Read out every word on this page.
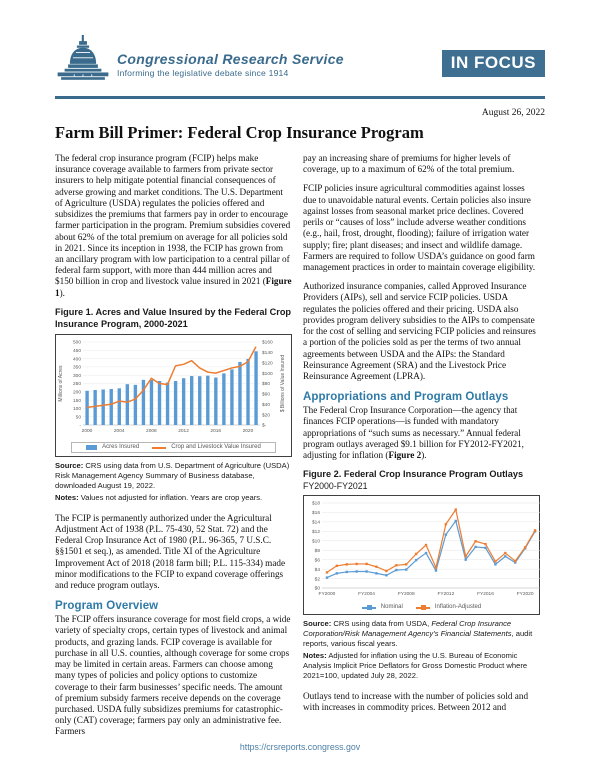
Congressional Research Service
Informing the legislative debate since 1914
IN FOCUS
August 26, 2022
Farm Bill Primer: Federal Crop Insurance Program

The federal crop insurance program (FCIP) helps make insurance coverage available to farmers from private sector insurers to help mitigate potential financial consequences of adverse growing and market conditions. The U.S. Department of Agriculture (USDA) regulates the policies offered and subsidizes the premiums that farmers pay in order to encourage farmer participation in the program. Premium subsidies covered about 62% of the total premium on average for all policies sold in 2021. Since its inception in 1938, the FCIP has grown from an ancillary program with low participation to a central pillar of federal farm support, with more than 444 million acres and $150 billion in crop and livestock value insured in 2021 (Figure 1).

Figure 1. Acres and Value Insured by the Federal Crop Insurance Program, 2000-2021
-
50
100
150
200
250
300
350
400
450
500
$-
$20
$40
$60
$80
$100
$120
$140
$160
2000	2004	2008	2012	2016	2020
Millions of Acres	$ Billions of Value Insured
Acres Insured	Crop and Livestock Value Insured
Source: CRS using data from U.S. Department of Agriculture (USDA) Risk Management Agency Summary of Business database, downloaded August 19, 2022.
Notes: Values not adjusted for inflation. Years are crop years.

The FCIP is permanently authorized under the Agricultural Adjustment Act of 1938 (P.L. 75-430, 52 Stat. 72) and the Federal Crop Insurance Act of 1980 (P.L. 96-365, 7 U.S.C. §§1501 et seq.), as amended. Title XI of the Agriculture Improvement Act of 2018 (2018 farm bill; P.L. 115-334) made minor modifications to the FCIP to expand coverage offerings and reduce program outlays.

Program Overview

The FCIP offers insurance coverage for most field crops, a wide variety of specialty crops, certain types of livestock and animal products, and grazing lands. FCIP coverage is available for purchase in all U.S. counties, although coverage for some crops may be limited in certain areas. Farmers can choose among many types of policies and policy options to customize coverage to their farm businesses’ specific needs. The amount of premium subsidy farmers receive depends on the coverage purchased. USDA fully subsidizes premiums for catastrophic-only (CAT) coverage; farmers pay only an administrative fee. Farmers

pay an increasing share of premiums for higher levels of coverage, up to a maximum of 62% of the total premium.

FCIP policies insure agricultural commodities against losses due to unavoidable natural events. Certain policies also insure against losses from seasonal market price declines. Covered perils or “causes of loss” include adverse weather conditions (e.g., hail, frost, drought, flooding); failure of irrigation water supply; fire; plant diseases; and insect and wildlife damage. Farmers are required to follow USDA’s guidance on good farm management practices in order to maintain coverage eligibility.

Authorized insurance companies, called Approved Insurance Providers (AIPs), sell and service FCIP policies. USDA regulates the policies offered and their pricing. USDA also provides program delivery subsidies to the AIPs to compensate for the cost of selling and servicing FCIP policies and reinsures a portion of the policies sold as per the terms of two annual agreements between USDA and the AIPs: the Standard Reinsurance Agreement (SRA) and the Livestock Price Reinsurance Agreement (LPRA).

Appropriations and Program Outlays

The Federal Crop Insurance Corporation—the agency that finances FCIP operations—is funded with mandatory appropriations of “such sums as necessary.” Annual federal program outlays averaged $9.1 billion for FY2012-FY2021, adjusting for inflation (Figure 2).

Figure 2. Federal Crop Insurance Program Outlays
FY2000-FY2021
$0
$2
$4
$6
$8
$10
$12
$14
$16
$18
FY2000	FY2004	FY2008	FY2012	FY2016	FY2020
Nominal	Inflation-Adjusted
Source: CRS using data from USDA, Federal Crop Insurance Corporation/Risk Management Agency’s Financial Statements, audit reports, various fiscal years.
Notes: Adjusted for inflation using the U.S. Bureau of Economic Analysis Implicit Price Deflators for Gross Domestic Product where 2021=100, updated July 28, 2022.

Outlays tend to increase with the number of policies sold and with increases in commodity prices. Between 2012 and

https://crsreports.congress.gov
